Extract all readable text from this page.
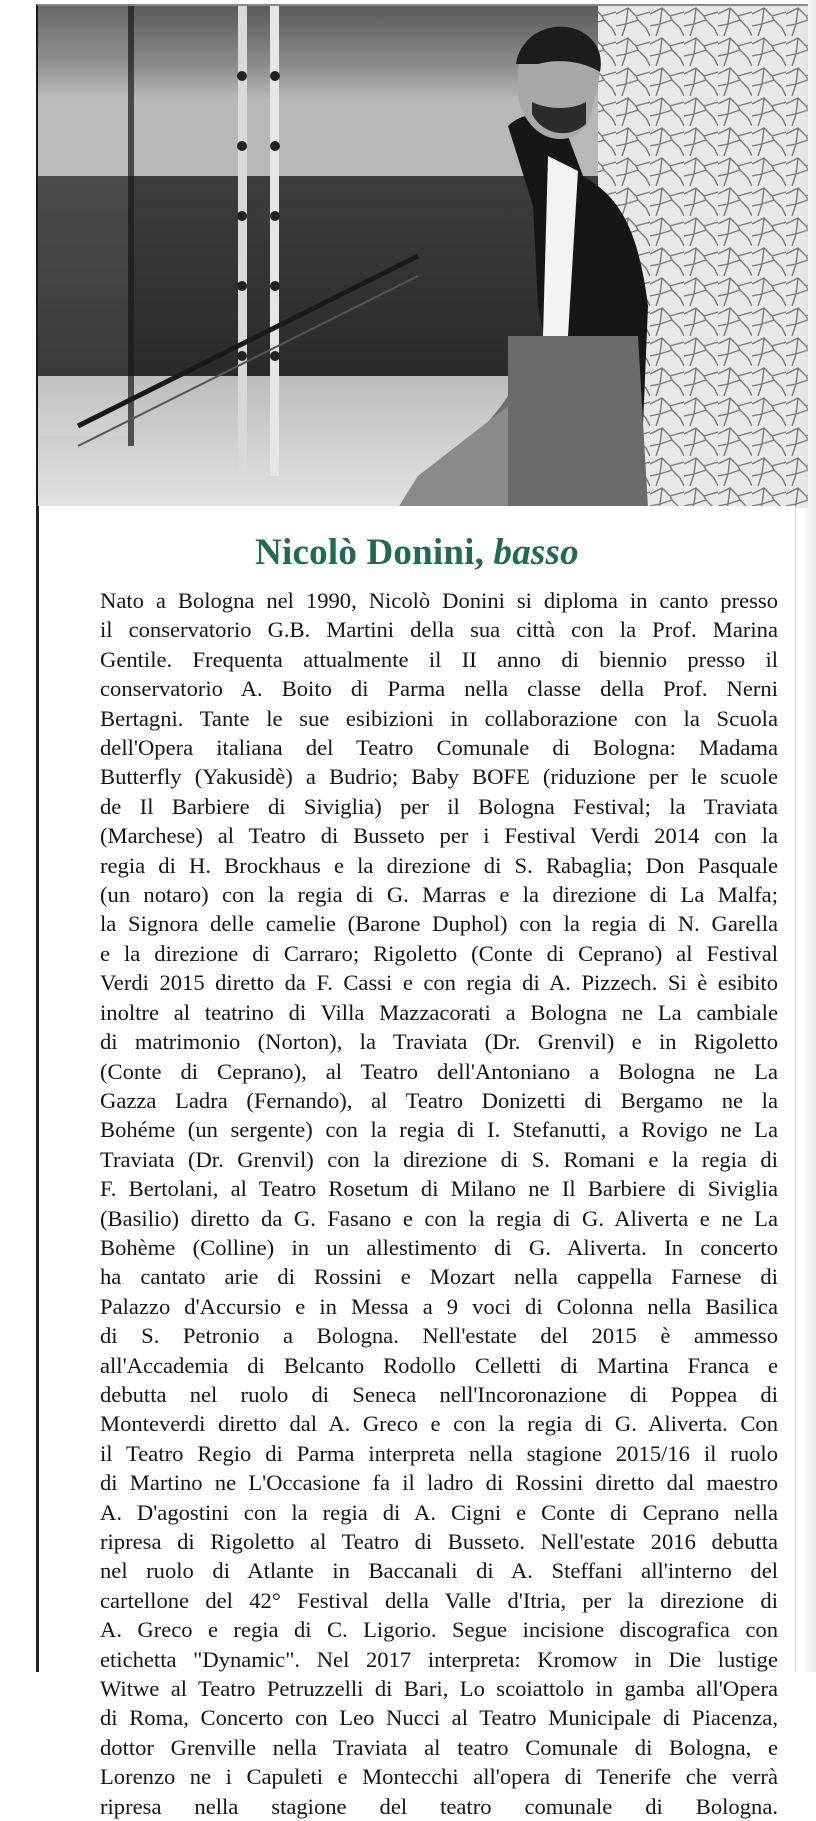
Nicolò Donini, basso

Nato a Bologna nel 1990, Nicolò Donini si diploma in canto presso
il conservatorio G.B. Martini della sua città con la Prof. Marina
Gentile. Frequenta attualmente il II anno di biennio presso il
conservatorio A. Boito di Parma nella classe della Prof. Nerni
Bertagni. Tante le sue esibizioni in collaborazione con la Scuola
dell'Opera italiana del Teatro Comunale di Bologna: Madama
Butterfly (Yakusidè) a Budrio; Baby BOFE (riduzione per le scuole
de Il Barbiere di Siviglia) per il Bologna Festival; la Traviata
(Marchese) al Teatro di Busseto per i Festival Verdi 2014 con la
regia di H. Brockhaus e la direzione di S. Rabaglia; Don Pasquale
(un notaro) con la regia di G. Marras e la direzione di La Malfa;
la Signora delle camelie (Barone Duphol) con la regia di N. Garella
e la direzione di Carraro; Rigoletto (Conte di Ceprano) al Festival
Verdi 2015 diretto da F. Cassi e con regia di A. Pizzech. Si è esibito
inoltre al teatrino di Villa Mazzacorati a Bologna ne La cambiale
di matrimonio (Norton), la Traviata (Dr. Grenvil) e in Rigoletto
(Conte di Ceprano), al Teatro dell'Antoniano a Bologna ne La
Gazza Ladra (Fernando), al Teatro Donizetti di Bergamo ne la
Bohéme (un sergente) con la regia di I. Stefanutti, a Rovigo ne La
Traviata (Dr. Grenvil) con la direzione di S. Romani e la regia di
F. Bertolani, al Teatro Rosetum di Milano ne Il Barbiere di Siviglia
(Basilio) diretto da G. Fasano e con la regia di G. Aliverta e ne La
Bohème (Colline) in un allestimento di G. Aliverta. In concerto
ha cantato arie di Rossini e Mozart nella cappella Farnese di
Palazzo d'Accursio e in Messa a 9 voci di Colonna nella Basilica
di S. Petronio a Bologna. Nell'estate del 2015 è ammesso
all'Accademia di Belcanto Rodollo Celletti di Martina Franca e
debutta nel ruolo di Seneca nell'Incoronazione di Poppea di
Monteverdi diretto dal A. Greco e con la regia di G. Aliverta. Con
il Teatro Regio di Parma interpreta nella stagione 2015/16 il ruolo
di Martino ne L'Occasione fa il ladro di Rossini diretto dal maestro
A. D'agostini con la regia di A. Cigni e Conte di Ceprano nella
ripresa di Rigoletto al Teatro di Busseto. Nell'estate 2016 debutta
nel ruolo di Atlante in Baccanali di A. Steffani all'interno del
cartellone del 42° Festival della Valle d'Itria, per la direzione di
A. Greco e regia di C. Ligorio. Segue incisione discografica con
etichetta "Dynamic". Nel 2017 interpreta: Kromow in Die lustige
Witwe al Teatro Petruzzelli di Bari, Lo scoiattolo in gamba all'Opera
di Roma, Concerto con Leo Nucci al Teatro Municipale di Piacenza,
dottor Grenville nella Traviata al teatro Comunale di Bologna, e
Lorenzo ne i Capuleti e Montecchi all'opera di Tenerife che verrà
ripresa nella stagione del teatro comunale di Bologna.
